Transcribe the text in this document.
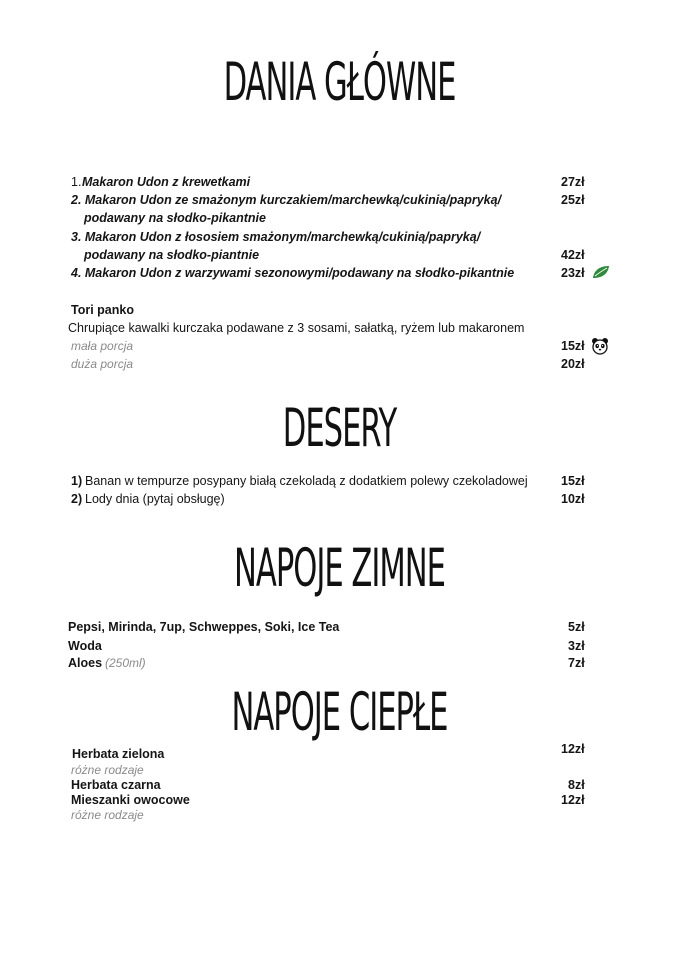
DANIA GŁÓWNE
DESERY
NAPOJE ZIMNE
NAPOJE CIEPŁE
1. Makaron Udon z krewetkami	27zł
2. Makaron Udon ze smażonym kurczakiem/marchewką/cukinią/papryką/	25zł
podawany na słodko-pikantnie
3. Makaron Udon z łososiem smażonym/marchewką/cukinią/papryką/
podawany na słodko-piantnie	42zł
4. Makaron Udon z warzywami sezonowymi/podawany na słodko-pikantnie	23zł
Tori panko
Chrupiące kawalki kurczaka podawane z 3 sosami, sałatką, ryżem lub makaronem
mała porcja	15zł
duża porcja	20zł
1) Banan w tempurze posypany białą czekoladą z dodatkiem polewy czekoladowej	15zł
2) Lody dnia (pytaj obsługę)	10zł
Pepsi, Mirinda, 7up, Schweppes, Soki, Ice Tea	5zł
Woda	3zł
Aloes (250ml)	7zł
Herbata zielona	12zł
różne rodzaje
Herbata czarna	8zł
Mieszanki owocowe	12zł
różne rodzaje
